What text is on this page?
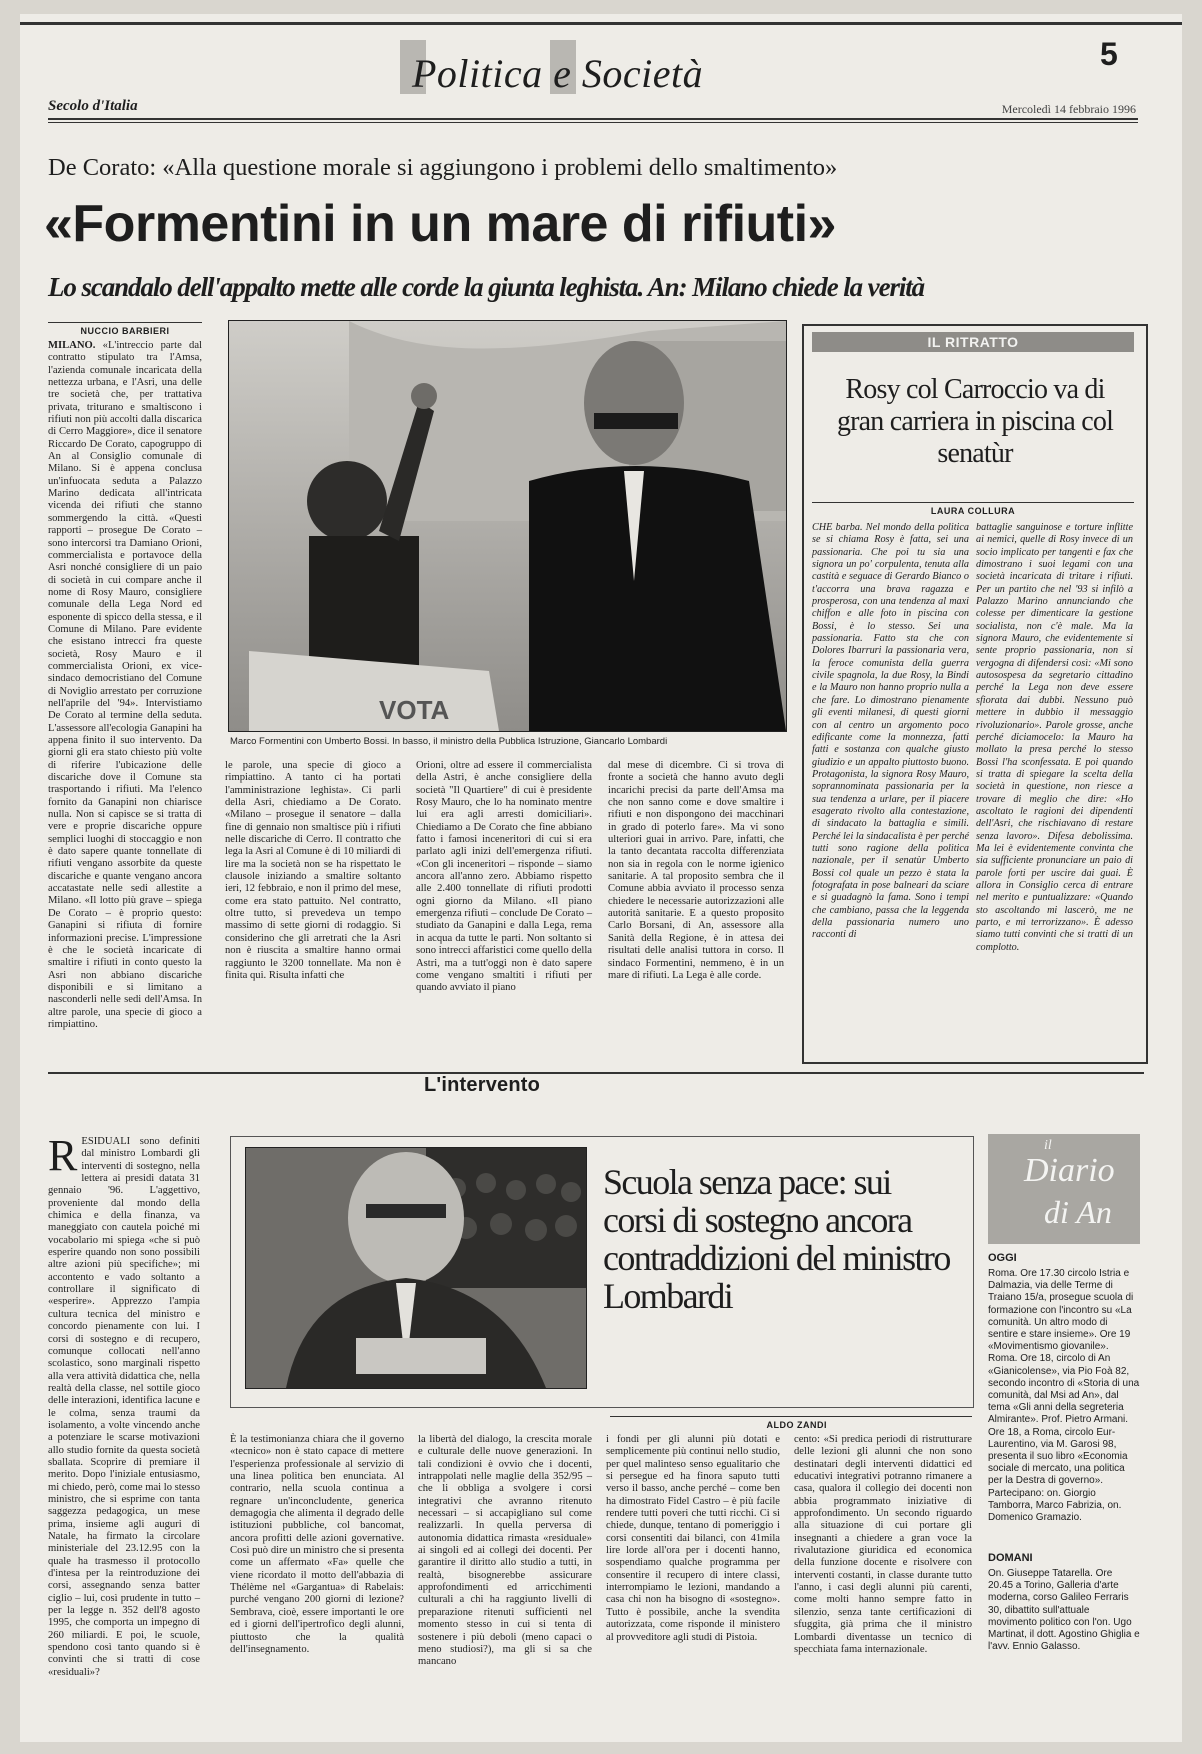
Politica e Società	5
Secolo d'Italia	Mercoledì 14 febbraio 1996
De Corato: «Alla questione morale si aggiungono i problemi dello smaltimento»
«Formentini in un mare di rifiuti»
Lo scandalo dell'appalto mette alle corde la giunta leghista. An: Milano chiede la verità
NUCCIO BARBIERI
MILANO. «L'intreccio parte dal contratto stipulato tra l'Amsa, l'azienda comunale incaricata della nettezza urbana, e l'Asri, una delle tre società che, per trattativa privata, triturano e smaltiscono i rifiuti non più accolti dalla discarica di Cerro Maggiore», dice il senatore Riccardo De Corato, capogruppo di An al Consiglio comunale di Milano. Si è appena conclusa un'infuocata seduta a Palazzo Marino dedicata all'intricata vicenda dei rifiuti che stanno sommergendo la città. «Questi rapporti – prosegue De Corato – sono intercorsi tra Damiano Orioni, commercialista e portavoce della Asri nonché consigliere di un paio di società in cui compare anche il nome di Rosy Mauro, consigliere comunale della Lega Nord ed esponente di spicco della stessa, e il Comune di Milano. Pare evidente che esistano intrecci fra queste società, Rosy Mauro e il commercialista Orioni, ex vice-sindaco democristiano del Comune di Noviglio arrestato per corruzione nell'aprile del '94». Intervistiamo De Corato al termine della seduta. L'assessore all'ecologia Ganapini ha appena finito il suo intervento. Da giorni gli era stato chiesto più volte di riferire l'ubicazione delle discariche dove il Comune sta trasportando i rifiuti. Ma l'elenco fornito da Ganapini non chiarisce nulla. Non si capisce se si tratta di vere e proprie discariche oppure semplici luoghi di stoccaggio e non è dato sapere quante tonnellate di rifiuti vengano assorbite da queste discariche e quante vengano ancora accatastate nelle sedi allestite a Milano. «Il lotto più grave – spiega De Corato – è proprio questo: Ganapini si rifiuta di fornire informazioni precise. L'impressione è che le società incaricate di smaltire i rifiuti in conto questo la Asri non abbiano discariche disponibili e si limitano a nasconderli nelle sedi dell'Amsa. In altre parole, una specie di gioco a rimpiattino.
VOTA
Marco Formentini con Umberto Bossi. In basso, il ministro della Pubblica Istruzione, Giancarlo Lombardi
le parole, una specie di gioco a rimpiattino. A tanto ci ha portati l'amministrazione leghista». Ci parli della Asri, chiediamo a De Corato. «Milano – prosegue il senatore – dalla fine di gennaio non smaltisce più i rifiuti nelle discariche di Cerro. Il contratto che lega la Asri al Comune è di 10 miliardi di lire ma la società non se ha rispettato le clausole iniziando a smaltire soltanto ieri, 12 febbraio, e non il primo del mese, come era stato pattuito. Nel contratto, oltre tutto, si prevedeva un tempo massimo di sette giorni di rodaggio. Si considerino che gli arretrati che la Asri non è riuscita a smaltire hanno ormai raggiunto le 3200 tonnellate. Ma non è finita qui. Risulta infatti che
Orioni, oltre ad essere il commercialista della Astri, è anche consigliere della società "Il Quartiere" di cui è presidente Rosy Mauro, che lo ha nominato mentre lui era agli arresti domiciliari». Chiediamo a De Corato che fine abbiano fatto i famosi inceneritori di cui si era parlato agli inizi dell'emergenza rifiuti. «Con gli inceneritori – risponde – siamo ancora all'anno zero. Abbiamo rispetto alle 2.400 tonnellate di rifiuti prodotti ogni giorno da Milano. «Il piano emergenza rifiuti – conclude De Corato – studiato da Ganapini e dalla Lega, rema in acqua da tutte le parti. Non soltanto si sono intrecci affaristici come quello della Astri, ma a tutt'oggi non è dato sapere come vengano smaltiti i rifiuti per quando avviato il piano
dal mese di dicembre. Ci si trova di fronte a società che hanno avuto degli incarichi precisi da parte dell'Amsa ma che non sanno come e dove smaltire i rifiuti e non dispongono dei macchinari in grado di poterlo fare». Ma vi sono ulteriori guai in arrivo. Pare, infatti, che la tanto decantata raccolta differenziata non sia in regola con le norme igienico sanitarie. A tal proposito sembra che il Comune abbia avviato il processo senza chiedere le necessarie autorizzazioni alle autorità sanitarie. E a questo proposito Carlo Borsani, di An, assessore alla Sanità della Regione, è in attesa dei risultati delle analisi tuttora in corso. Il sindaco Formentini, nemmeno, è in un mare di rifiuti. La Lega è alle corde.
IL RITRATTO
Rosy col Carroccio va di gran carriera in piscina col senatùr
LAURA COLLURA
CHE barba. Nel mondo della politica se si chiama Rosy è fatta, sei una passionaria. Che poi tu sia una signora un po' corpulenta, tenuta alla castità e seguace di Gerardo Bianco o t'accorra una brava ragazza e prosperosa, con una tendenza al maxi chiffon e alle foto in piscina con Bossi, è lo stesso. Sei una passionaria. Fatto sta che con Dolores Ibarruri la passionaria vera, la feroce comunista della guerra civile spagnola, la due Rosy, la Bindi e la Mauro non hanno proprio nulla a che fare. Lo dimostrano pienamente gli eventi milanesi, di questi giorni con al centro un argomento poco edificante come la monnezza, fatti fatti e sostanza con qualche giusto giudizio e un appalto piuttosto buono. Protagonista, la signora Rosy Mauro, soprannominata passionaria per la sua tendenza a urlare, per il piacere esagerato rivolto alla contestazione, di sindacato la battaglia e simili. Perché lei la sindacalista è per perché tutti sono ragione della politica nazionale, per il senatùr Umberto Bossi col quale un pezzo è stata la fotografata in pose balneari da sciare e si guadagnò la fama. Sono i tempi che cambiano, passa che la leggenda della passionaria numero uno racconti di
battaglie sanguinose e torture inflitte ai nemici, quelle di Rosy invece di un socio implicato per tangenti e fax che dimostrano i suoi legami con una società incaricata di tritare i rifiuti. Per un partito che nel '93 si infilò a Palazzo Marino annunciando che colesse per dimenticare la gestione socialista, non c'è male. Ma la signora Mauro, che evidentemente si sente proprio passionaria, non si vergogna di difendersi così: «Mi sono autosospesa da segretario cittadino perché la Lega non deve essere sfiorata dai dubbi. Nessuno può mettere in dubbio il messaggio rivoluzionario». Parole grosse, anche perché diciamocelo: la Mauro ha mollato la presa perché lo stesso Bossi l'ha sconfessata. E poi quando si tratta di spiegare la scelta della società in questione, non riesce a trovare di meglio che dire: «Ho ascoltato le ragioni dei dipendenti dell'Asri, che rischiavano di restare senza lavoro». Difesa debolissima. Ma lei è evidentemente convinta che sia sufficiente pronunciare un paio di parole forti per uscire dai guai. È allora in Consiglio cerca di entrare nel merito e puntualizzare: «Quando sto ascoltando mi lascerò, me ne parto, e mi terrorizzano». È adesso siamo tutti convinti che si tratti di un complotto.
L'intervento
RESIDUALI sono definiti dal ministro Lombardi gli interventi di sostegno, nella lettera ai presidi datata 31 gennaio '96. L'aggettivo, proveniente dal mondo della chimica e della finanza, va maneggiato con cautela poiché mi vocabolario mi spiega «che si può esperire quando non sono possibili altre azioni più specifiche»; mi accontento e vado soltanto a controllare il significato di «esperire». Apprezzo l'ampia cultura tecnica del ministro e concordo pienamente con lui. I corsi di sostegno e di recupero, comunque collocati nell'anno scolastico, sono marginali rispetto alla vera attività didattica che, nella realtà della classe, nel sottile gioco delle interazioni, identifica lacune e le colma, senza traumi da isolamento, a volte vincendo anche a potenziare le scarse motivazioni allo studio fornite da questa società sballata. Scoprire di premiare il merito. Dopo l'iniziale entusiasmo, mi chiedo, però, come mai lo stesso ministro, che si esprime con tanta saggezza pedagogica, un mese prima, insieme agli auguri di Natale, ha firmato la circolare ministeriale del 23.12.95 con la quale ha trasmesso il protocollo d'intesa per la reintroduzione dei corsi, assegnando senza batter ciglio – lui, così prudente in tutto – per la legge n. 352 dell'8 agosto 1995, che comporta un impegno di 260 miliardi. E poi, le scuole, spendono così tanto quando si è convinti che si tratti di cose «residuali»?
Scuola senza pace: sui corsi di sostegno ancora contraddizioni del ministro Lombardi
ALDO ZANDI
È la testimonianza chiara che il governo «tecnico» non è stato capace di mettere l'esperienza professionale al servizio di una linea politica ben enunciata. Al contrario, nella scuola continua a regnare un'inconcludente, generica demagogia che alimenta il degrado delle istituzioni pubbliche, col bancomat, ancora profitti delle azioni governative. Così può dire un ministro che si presenta come un affermato «Fa» quelle che viene ricordato il motto dell'abbazia di Thélème nel «Gargantua» di Rabelais: purché vengano 200 giorni di lezione? Sembrava, cioè, essere importanti le ore ed i giorni dell'ipertrofico degli alunni, piuttosto che la qualità dell'insegnamento.
la libertà del dialogo, la crescita morale e culturale delle nuove generazioni. In tali condizioni è ovvio che i docenti, intrappolati nelle maglie della 352/95 – che li obbliga a svolgere i corsi integrativi che avranno ritenuto necessari – si accapigliano sul come realizzarli. In quella perversa di autonomia didattica rimasta «residuale» ai singoli ed ai collegi dei docenti. Per garantire il diritto allo studio a tutti, in realtà, bisognerebbe assicurare approfondimenti ed arricchimenti culturali a chi ha raggiunto livelli di preparazione ritenuti sufficienti nel momento stesso in cui si tenta di sostenere i più deboli (meno capaci o meno studiosi?), ma gli si sa che mancano
i fondi per gli alunni più dotati e semplicemente più continui nello studio, per quel malinteso senso egualitario che si persegue ed ha finora saputo tutti verso il basso, anche perché – come ben ha dimostrato Fidel Castro – è più facile rendere tutti poveri che tutti ricchi. Ci si chiede, dunque, tentano di pomeriggio i corsi consentiti dai bilanci, con 41mila lire lorde all'ora per i docenti hanno, sospendiamo qualche programma per consentire il recupero di intere classi, interrompiamo le lezioni, mandando a casa chi non ha bisogno di «sostegno». Tutto è possibile, anche la svendita autorizzata, come risponde il ministero al provveditore agli studi di Pistoia.
cento: «Si predica periodi di ristrutturare delle lezioni gli alunni che non sono destinatari degli interventi didattici ed educativi integrativi potranno rimanere a casa, qualora il collegio dei docenti non abbia programmato iniziative di approfondimento. Un secondo riguardo alla situazione di cui portare gli insegnanti a chiedere a gran voce la rivalutazione giuridica ed economica della funzione docente e risolvere con interventi costanti, in classe durante tutto l'anno, i casi degli alunni più carenti, come molti hanno sempre fatto in silenzio, senza tante certificazioni di sfuggita, già prima che il ministro Lombardi diventasse un tecnico di specchiata fama internazionale.
il
Diario
di An
OGGI
Roma. Ore 17.30 circolo Istria e Dalmazia, via delle Terme di Traiano 15/a, prosegue scuola di formazione con l'incontro su «La comunità. Un altro modo di sentire e stare insieme». Ore 19 «Movimentismo giovanile». Roma. Ore 18, circolo di An «Gianicolense», via Pio Foà 82, secondo incontro di «Storia di una comunità, dal Msi ad An», dal tema «Gli anni della segreteria Almirante». Prof. Pietro Armani. Ore 18, a Roma, circolo Eur-Laurentino, via M. Garosi 98, presenta il suo libro «Economia sociale di mercato, una politica per la Destra di governo». Partecipano: on. Giorgio Tamborra, Marco Fabrizia, on. Domenico Gramazio.
DOMANI
On. Giuseppe Tatarella. Ore 20.45 a Torino, Galleria d'arte moderna, corso Galileo Ferraris 30, dibattito sull'attuale movimento politico con l'on. Ugo Martinat, il dott. Agostino Ghiglia e l'avv. Ennio Galasso.
